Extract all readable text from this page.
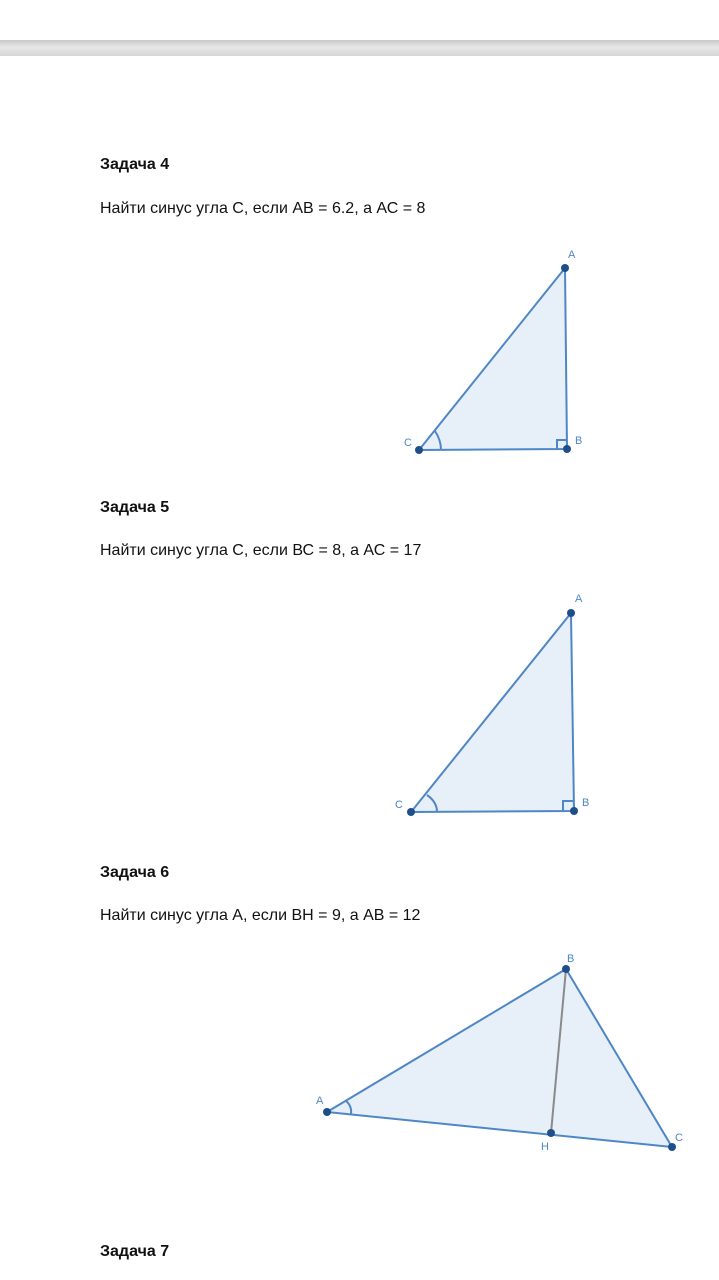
Задача 4
Найти синус угла С, если АВ = 6.2, а АС = 8
A
B
C
Задача 5
Найти синус угла С, если ВС = 8, а АС = 17
A
B
C
Задача 6
Найти синус угла А, если ВН = 9, а АВ = 12
A
B
C
H
Задача 7
